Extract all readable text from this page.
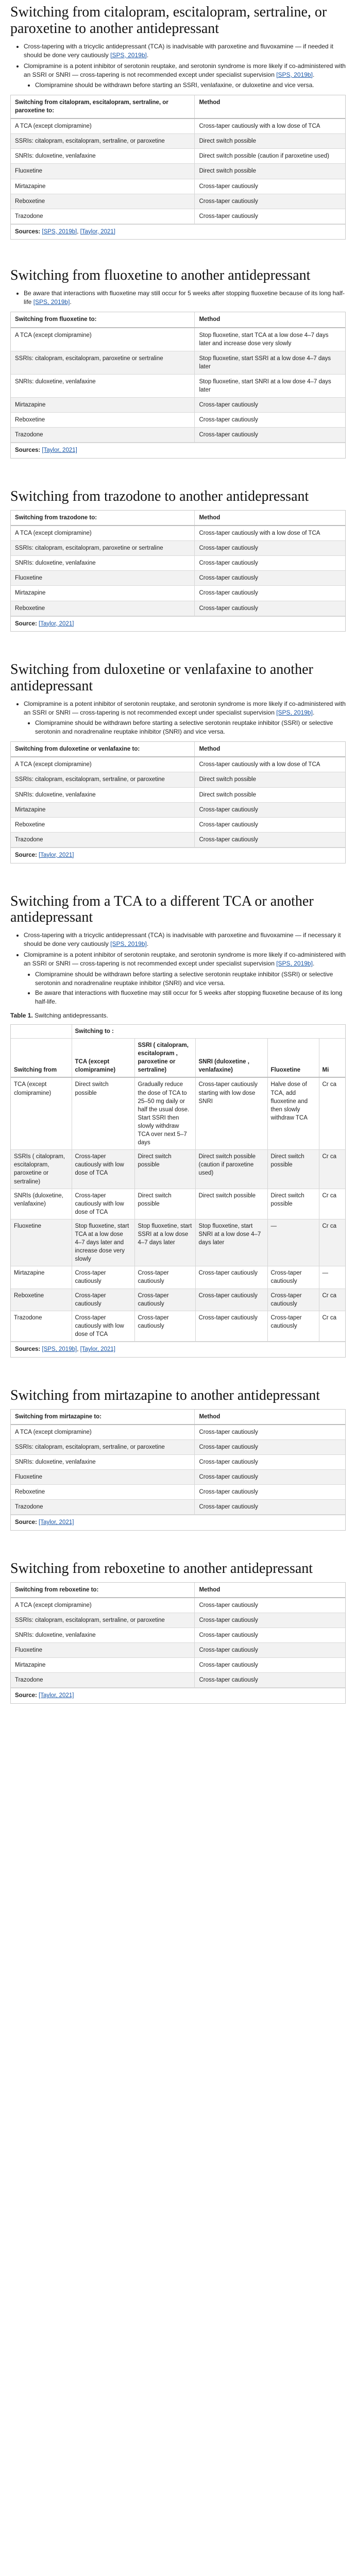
Switching from citalopram, escitalopram, sertraline, or paroxetine to another antidepressant
• Cross-tapering with a tricyclic antidepressant (TCA) is inadvisable with paroxetine and fluvoxamine — if needed it should be done very cautiously [SPS, 2019b].
• Clomipramine is a potent inhibitor of serotonin reuptake, and serotonin syndrome is more likely if co-administered with an SSRI or SNRI — cross-tapering is not recommended except under specialist supervision [SPS, 2019b].
• Clomipramine should be withdrawn before starting an SSRI, venlafaxine, or duloxetine and vice versa.
Switching from citalopram, escitalopram, sertraline, or paroxetine to:	Method
A TCA (except clomipramine)	Cross-taper cautiously with a low dose of TCA
SSRIs: citalopram, escitalopram, sertraline, or paroxetine	Direct switch possible
SNRIs: duloxetine, venlafaxine	Direct switch possible (caution if paroxetine used)
Fluoxetine	Direct switch possible
Mirtazapine	Cross-taper cautiously
Reboxetine	Cross-taper cautiously
Trazodone	Cross-taper cautiously
Sources: [SPS, 2019b], [Taylor, 2021]
Switching from fluoxetine to another antidepressant
• Be aware that interactions with fluoxetine may still occur for 5 weeks after stopping fluoxetine because of its long half-life [SPS, 2019b].
Switching from fluoxetine to:	Method
A TCA (except clomipramine)	Stop fluoxetine, start TCA at a low dose 4–7 days later and increase dose very slowly
SSRIs: citalopram, escitalopram, paroxetine or sertraline	Stop fluoxetine, start SSRI at a low dose 4–7 days later
SNRIs: duloxetine, venlafaxine	Stop fluoxetine, start SNRI at a low dose 4–7 days later
Mirtazapine	Cross-taper cautiously
Reboxetine	Cross-taper cautiously
Trazodone	Cross-taper cautiously
Sources: [Taylor, 2021]
Switching from trazodone to another antidepressant
Switching from trazodone to:	Method
A TCA (except clomipramine)	Cross-taper cautiously with a low dose of TCA
SSRIs: citalopram, escitalopram, paroxetine or sertraline	Cross-taper cautiously
SNRIs: duloxetine, venlafaxine	Cross-taper cautiously
Fluoxetine	Cross-taper cautiously
Mirtazapine	Cross-taper cautiously
Reboxetine	Cross-taper cautiously
Source: [Taylor, 2021]
Switching from duloxetine or venlafaxine to another antidepressant
• Clomipramine is a potent inhibitor of serotonin reuptake, and serotonin syndrome is more likely if co-administered with an SSRI or SNRI — cross-tapering is not recommended except under specialist supervision [SPS, 2019b].
• Clomipramine should be withdrawn before starting a selective serotonin reuptake inhibitor (SSRI) or selective serotonin and noradrenaline reuptake inhibitor (SNRI) and vice versa.
Switching from duloxetine or venlafaxine to:	Method
A TCA (except clomipramine)	Cross-taper cautiously with a low dose of TCA
SSRIs: citalopram, escitalopram, sertraline, or paroxetine	Direct switch possible
SNRIs: duloxetine, venlafaxine	Direct switch possible
Mirtazapine	Cross-taper cautiously
Reboxetine	Cross-taper cautiously
Trazodone	Cross-taper cautiously
Source: [Taylor, 2021]
Switching from a TCA to a different TCA or another antidepressant
• Cross-tapering with a tricyclic antidepressant (TCA) is inadvisable with paroxetine and fluvoxamine — if necessary it should be done very cautiously [SPS, 2019b].
• Clomipramine is a potent inhibitor of serotonin reuptake, and serotonin syndrome is more likely if co-administered with an SSRI or SNRI — cross-tapering is not recommended except under specialist supervision [SPS, 2019b].
• Clomipramine should be withdrawn before starting a selective serotonin reuptake inhibitor (SSRI) or selective serotonin and noradrenaline reuptake inhibitor (SNRI) and vice versa.
• Be aware that interactions with fluoxetine may still occur for 5 weeks after stopping fluoxetine because of its long half-life.

Table 1. Switching antidepressants.

	Switching to :				
Switching from	TCA (except clomipramine)	SSRI ( citalopram, escitalopram , paroxetine or sertraline)	SNRI (duloxetine , venlafaxine)	Fluoxetine	Mi
TCA (except clomipramine)	Direct switch possible	Gradually reduce the dose of TCA to 25–50 mg daily or half the usual dose. Start SSRI then slowly withdraw TCA over next 5–7 days	Cross-taper cautiously starting with low dose SNRI	Halve dose of TCA, add fluoxetine and then slowly withdraw TCA	Cr ca
SSRIs ( citalopram, escitalopram, paroxetine or sertraline)	Cross-taper cautiously with low dose of TCA	Direct switch possible	Direct switch possible (caution if paroxetine used)	Direct switch possible	Cr ca
SNRIs (duloxetine, venlafaxine)	Cross-taper cautiously with low dose of TCA	Direct switch possible	Direct switch possible	Direct switch possible	Cr ca
Fluoxetine	Stop fluoxetine, start TCA at a low dose 4–7 days later and increase dose very slowly	Stop fluoxetine, start SSRI at a low dose 4–7 days later	Stop fluoxetine, start SNRI at a low dose 4–7 days later	—	Cr ca
Mirtazapine	Cross-taper cautiously	Cross-taper cautiously	Cross-taper cautiously	Cross-taper cautiously	—
Reboxetine	Cross-taper cautiously	Cross-taper cautiously	Cross-taper cautiously	Cross-taper cautiously	Cr ca
Trazodone	Cross-taper cautiously with low dose of TCA	Cross-taper cautiously	Cross-taper cautiously	Cross-taper cautiously	Cr ca
Sources: [SPS, 2019b], [Taylor, 2021]
Switching from mirtazapine to another antidepressant
Switching from mirtazapine to:	Method
A TCA (except clomipramine)	Cross-taper cautiously
SSRIs: citalopram, escitalopram, sertraline, or paroxetine	Cross-taper cautiously
SNRIs: duloxetine, venlafaxine	Cross-taper cautiously
Fluoxetine	Cross-taper cautiously
Reboxetine	Cross-taper cautiously
Trazodone	Cross-taper cautiously
Source: [Taylor, 2021]
Switching from reboxetine to another antidepressant
Switching from reboxetine to:	Method
A TCA (except clomipramine)	Cross-taper cautiously
SSRIs: citalopram, escitalopram, sertraline, or paroxetine	Cross-taper cautiously
SNRIs: duloxetine, venlafaxine	Cross-taper cautiously
Fluoxetine	Cross-taper cautiously
Mirtazapine	Cross-taper cautiously
Trazodone	Cross-taper cautiously
Source: [Taylor, 2021]
